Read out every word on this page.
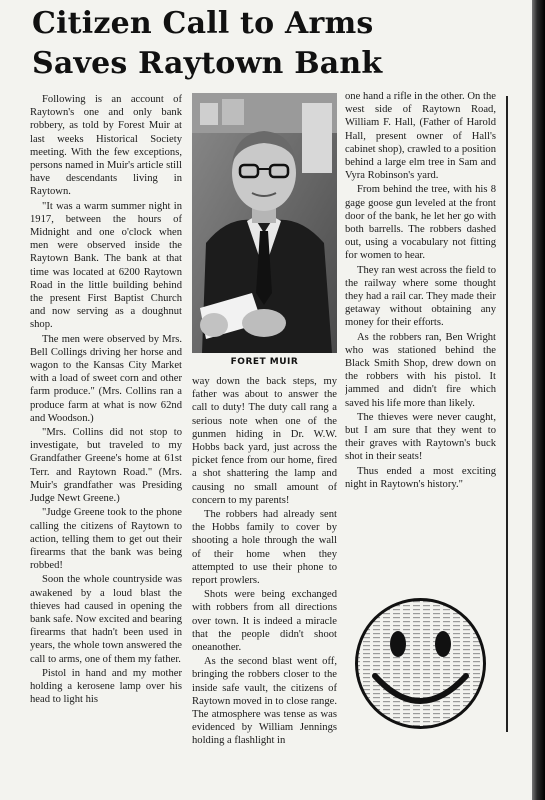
Citizen Call to Arms
Saves Raytown Bank

Following is an account of Raytown's one and only bank robbery, as told by Forest Muir at last weeks Historical Society meeting. With the few exceptions, persons named in Muir's article still have descendants living in Raytown.

"It was a warm summer night in 1917, between the hours of Midnight and one o'clock when men were observed inside the Raytown Bank. The bank at that time was located at 6200 Raytown Road in the little building behind the present First Baptist Church and now serving as a doughnut shop.

The men were observed by Mrs. Bell Collings driving her horse and wagon to the Kansas City Market with a load of sweet corn and other farm produce." (Mrs. Collins ran a produce farm at what is now 62nd and Woodson.)

"Mrs. Collins did not stop to investigate, but traveled to my Grandfather Greene's home at 61st Terr. and Raytown Road." (Mrs. Muir's grandfather was Presiding Judge Newt Greene.)

"Judge Greene took to the phone calling the citizens of Raytown to action, telling them to get out their firearms that the bank was being robbed!

Soon the whole countryside was awakened by a loud blast the thieves had caused in opening the bank safe. Now excited and bearing firearms that hadn't been used in years, the whole town answered the call to arms, one of them my father.

Pistol in hand and my mother holding a kerosene lamp over his head to light his

FORET MUIR

way down the back steps, my father was about to answer the call to duty! The duty call rang a serious note when one of the gunmen hiding in Dr. W.W. Hobbs back yard, just across the picket fence from our home, fired a shot shattering the lamp and causing no small amount of concern to my parents!

The robbers had already sent the Hobbs family to cover by shooting a hole through the wall of their home when they attempted to use their phone to report prowlers.

Shots were being exchanged with robbers from all directions over town. It is indeed a miracle that the people didn't shoot oneanother.

As the second blast went off, bringing the robbers closer to the inside safe vault, the citizens of Raytown moved in to close range. The atmosphere was tense as was evidenced by William Jennings holding a flashlight in

one hand a rifle in the other. On the west side of Raytown Road, William F. Hall, (Father of Harold Hall, present owner of Hall's cabinet shop), crawled to a position behind a large elm tree in Sam and Vyra Robinson's yard.

From behind the tree, with his 8 gage goose gun leveled at the front door of the bank, he let her go with both barrells. The robbers dashed out, using a vocabulary not fitting for women to hear.

They ran west across the field to the railway where some thought they had a rail car. They made their getaway without obtaining any money for their efforts.

As the robbers ran, Ben Wright who was stationed behind the Black Smith Shop, drew down on the robbers with his pistol. It jammed and didn't fire which saved his life more than likely.

The thieves were never caught, but I am sure that they went to their graves with Raytown's buck shot in their seats!

Thus ended a most exciting night in Raytown's history."
